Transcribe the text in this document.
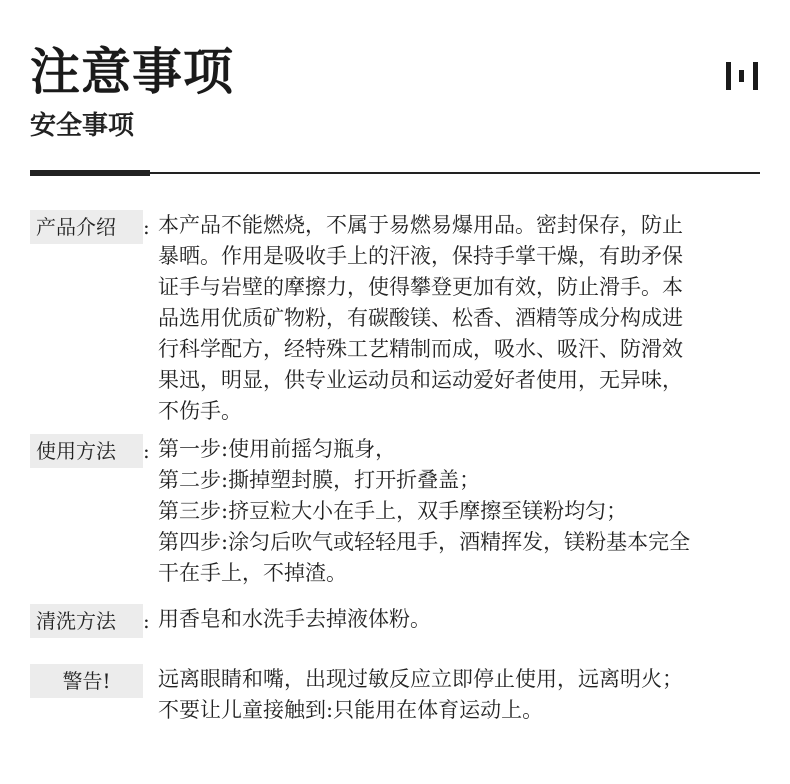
注意事项
安全事项
产品介绍	: 本产品不能燃烧，不属于易燃易爆用品。密封保存，防止
暴晒。作用是吸收手上的汗液，保持手掌干燥，有助矛保
证手与岩壁的摩擦力，使得攀登更加有效，防止滑手。本
品选用优质矿物粉，有碳酸镁、松香、酒精等成分构成进
行科学配方，经特殊工艺精制而成，吸水、吸汗、防滑效
果迅，明显，供专业运动员和运动爱好者使用，无异味，
不伤手。
使用方法	: 第一步:使用前摇匀瓶身，
第二步:撕掉塑封膜，打开折叠盖；
第三步:挤豆粒大小在手上，双手摩擦至镁粉均匀；
第四步:涂匀后吹气或轻轻甩手，酒精挥发，镁粉基本完全
干在手上，不掉渣。
清洗方法	: 用香皂和水洗手去掉液体粉。
警告!	远离眼睛和嘴，出现过敏反应立即停止使用，远离明火；
不要让儿童接触到:只能用在体育运动上。
